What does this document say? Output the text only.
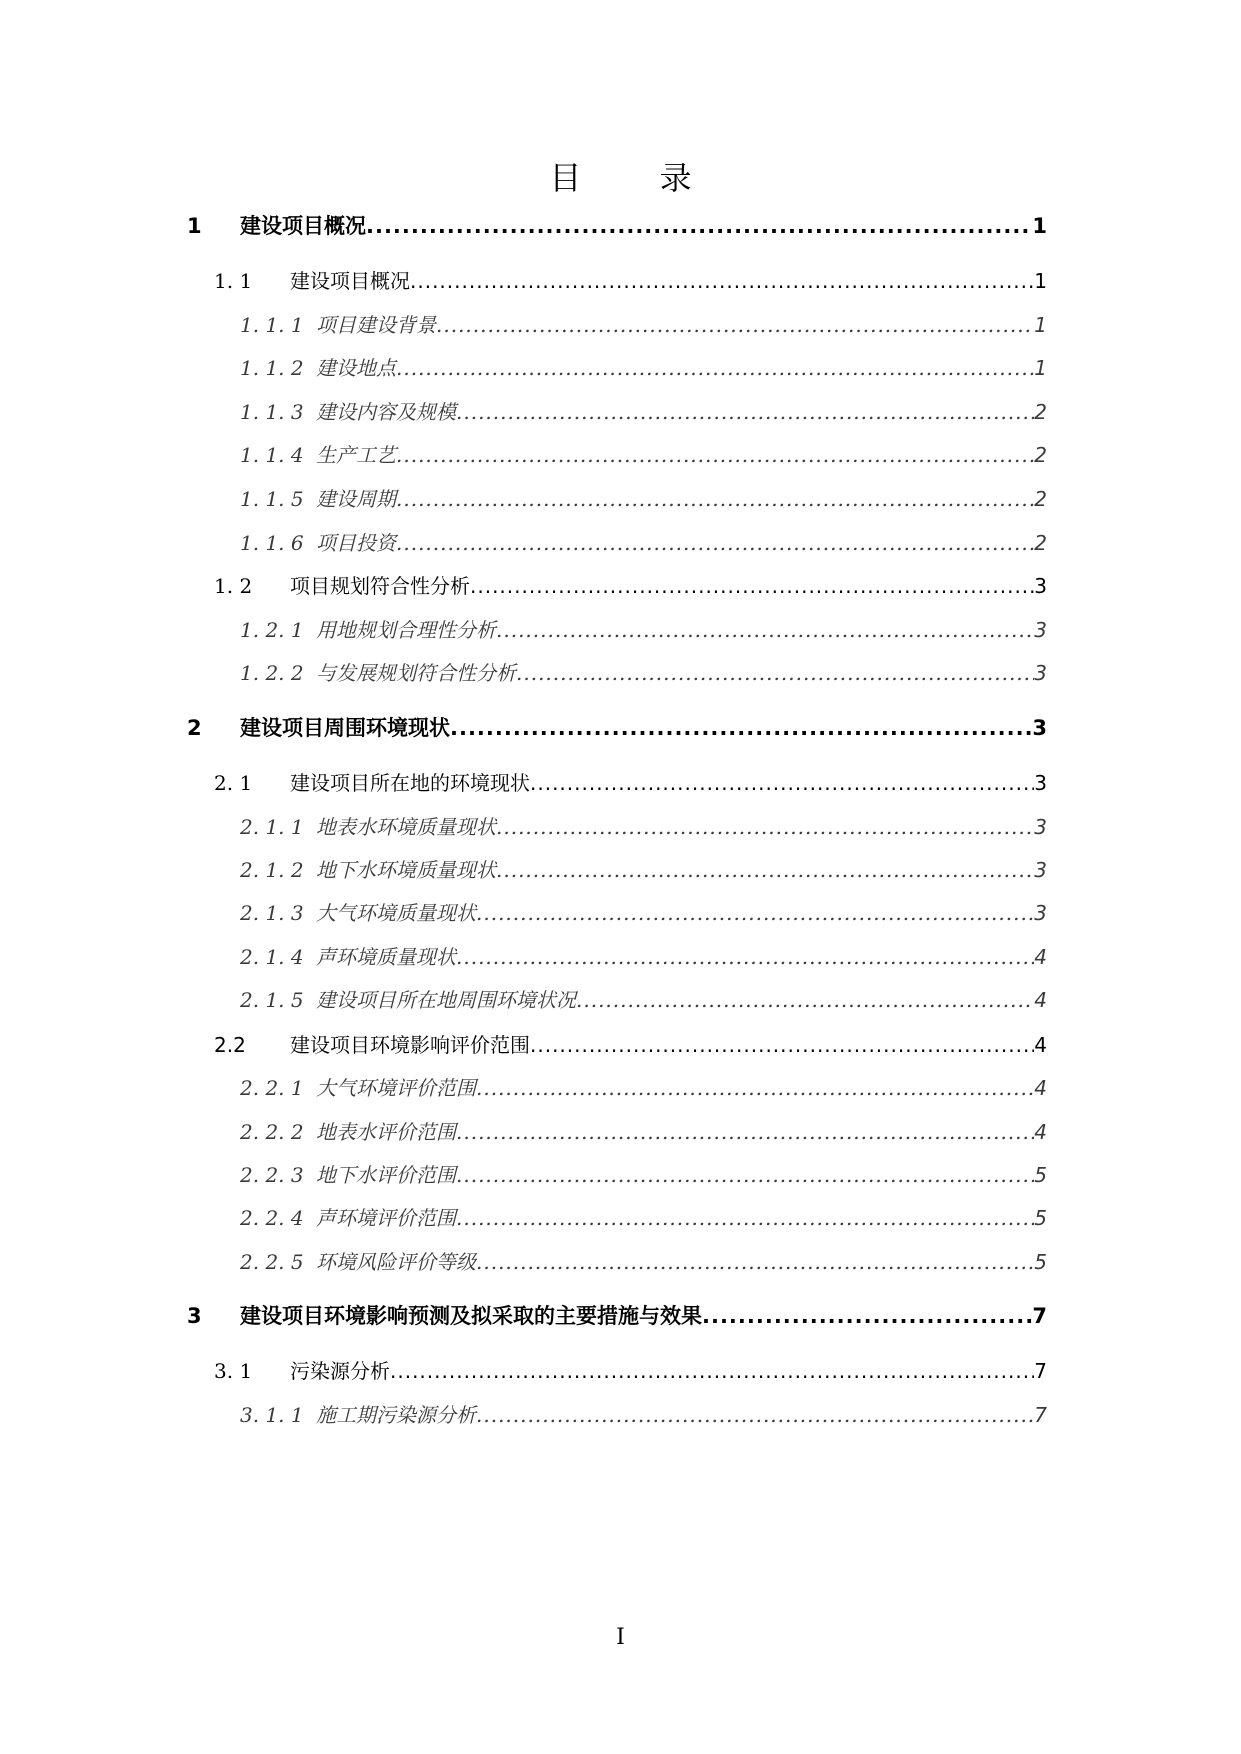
目 录
1 建设项目概况 .....	1
1. 1 建设项目概况 .....	1
1. 1. 1 项目建设背景 .....	1
1. 1. 2 建设地点 .....	1
1. 1. 3 建设内容及规模 .....	2
1. 1. 4 生产工艺 .....	2
1. 1. 5 建设周期 .....	2
1. 1. 6 项目投资 .....	2
1. 2 项目规划符合性分析 .....	3
1. 2. 1 用地规划合理性分析 .....	3
1. 2. 2 与发展规划符合性分析 .....	3
2 建设项目周围环境现状 .....	3
2. 1 建设项目所在地的环境现状 .....	3
2. 1. 1 地表水环境质量现状 .....	3
2. 1. 2 地下水环境质量现状 .....	3
2. 1. 3 大气环境质量现状 .....	3
2. 1. 4 声环境质量现状 .....	4
2. 1. 5 建设项目所在地周围环境状况 .....	4
2.2 建设项目环境影响评价范围 .....	4
2. 2. 1 大气环境评价范围 .....	4
2. 2. 2 地表水评价范围 .....	4
2. 2. 3 地下水评价范围 .....	5
2. 2. 4 声环境评价范围 .....	5
2. 2. 5 环境风险评价等级 .....	5
3 建设项目环境影响预测及拟采取的主要措施与效果 .....	7
3. 1 污染源分析 .....	7
3. 1. 1 施工期污染源分析 .....	7
I
